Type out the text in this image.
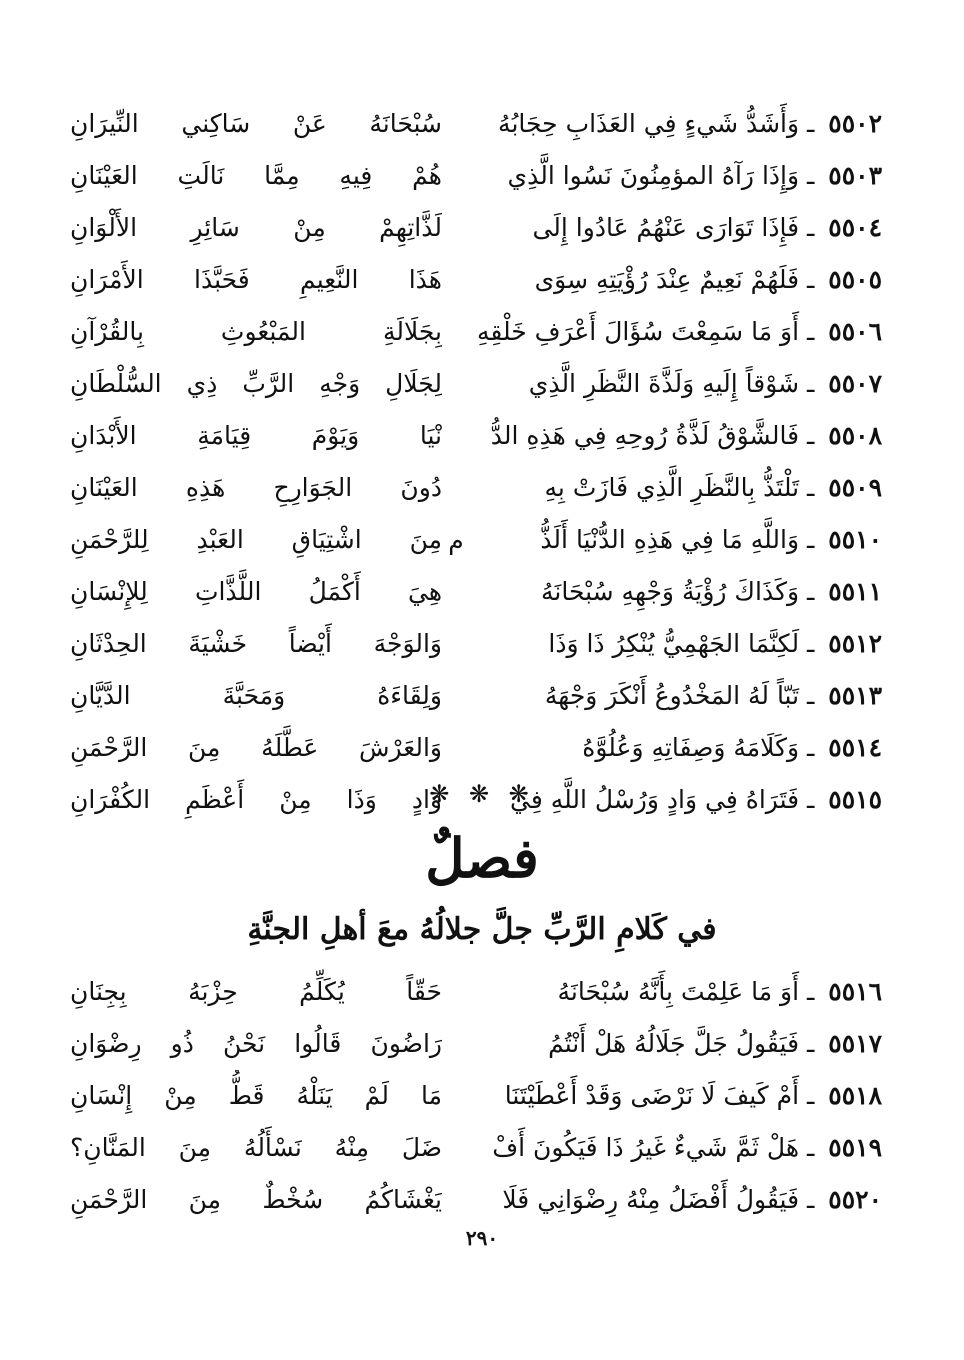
٥٥٠٢ ـ وَأَشَدُّ شَيءٍ فِي العَذَابِ حِجَابُهُ
سُبْحَانَهُ عَنْ سَاكِني النِّيرَانِ
٥٥٠٣ ـ وَإِذَا رَآهُ المؤمِنُونَ نَسُوا الَّذِي
هُمْ فِيهِ مِمَّا نَالَتِ العَيْنَانِ
٥٥٠٤ ـ فَإِذَا تَوَارَى عَنْهُمُ عَادُوا إِلَى
لَذَّاتِهِمْ مِنْ سَائِرِ الأَلْوَانِ
٥٥٠٥ ـ فَلَهُمْ نَعِيمٌ عِنْدَ رُؤْيَتِهِ سِوَى
هَذَا النَّعِيمِ فَحَبَّذَا الأَمْرَانِ
٥٥٠٦ ـ أَوَ مَا سَمِعْتَ سُؤَالَ أَعْرَفِ خَلْقِهِ
بِجَلَالَةِ المَبْعُوثِ بِالقُرْآنِ
٥٥٠٧ ـ شَوْقاً إِلَيهِ وَلَذَّةَ النَّظَرِ الَّذِي
لِجَلَالِ وَجْهِ الرَّبِّ ذِي السُّلْطَانِ
٥٥٠٨ ـ فَالشَّوْقُ لَذَّةُ رُوحِهِ فِي هَذِهِ الدُّ
نْيَا وَيَوْمَ قِيَامَةِ الأَبْدَانِ
٥٥٠٩ ـ تَلْتَذُّ بِالنَّظَرِ الَّذِي فَازَتْ بِهِ
دُونَ الجَوَارِحِ هَذِهِ العَيْنَانِ
٥٥١٠ ـ وَاللَّهِ مَا فِي هَذِهِ الدُّنْيَا أَلَذُّ
م
مِنَ اشْتِيَاقِ العَبْدِ لِلرَّحْمَنِ
٥٥١١ ـ وَكَذَاكَ رُؤْيَةُ وَجْهِهِ سُبْحَانَهُ
هِيَ أَكْمَلُ اللَّذَّاتِ لِلإِنْسَانِ
٥٥١٢ ـ لَكِنَّمَا الجَهْمِيُّ يُنْكِرُ ذَا وَذَا
وَالوَجْهَ أَيْضاً خَشْيَةَ الحِدْثَانِ
٥٥١٣ ـ تَبّاً لَهُ المَخْدُوعُ أَنْكَرَ وَجْهَهُ
وَلِقَاءَهُ وَمَحَبَّةَ الدَّيَّانِ
٥٥١٤ ـ وَكَلَامَهُ وَصِفَاتِهِ وَعُلُوَّهُ
وَالعَرْشَ عَطَّلَهُ مِنَ الرَّحْمَنِ
٥٥١٥ ـ فَتَرَاهُ فِي وَادٍ وَرُسْلُ اللَّهِ فِي
وَادٍ وَذَا مِنْ أَعْظَمِ الكُفْرَانِ
❋ ❋ ❋
فصلٌ
في كَلامِ الرَّبِّ جلَّ جلالُهُ معَ أهلِ الجنَّةِ
٥٥١٦ ـ أَوَ مَا عَلِمْتَ بِأَنَّهُ سُبْحَانَهُ
حَقّاً يُكَلِّمُ حِزْبَهُ بِجِنَانِ
٥٥١٧ ـ فَيَقُولُ جَلَّ جَلَالُهُ هَلْ أَنْتُمُ
رَاضُونَ قَالُوا نَحْنُ ذُو رِضْوَانِ
٥٥١٨ ـ أَمْ كَيفَ لَا نَرْضَى وَقَدْ أَعْطَيْتَنَا
مَا لَمْ يَنَلْهُ قَطُّ مِنْ إِنْسَانِ
٥٥١٩ ـ هَلْ ثَمَّ شَيءٌ غَيرُ ذَا فَيَكُونَ أَفْ
ضَلَ مِنْهُ نَسْأَلُهُ مِنَ المَنَّانِ؟
٥٥٢٠ ـ فَيَقُولُ أَفْضَلُ مِنْهُ رِضْوَانِي فَلَا
يَغْشَاكُمُ سُخْطٌ مِنَ الرَّحْمَنِ
٢٩٠
